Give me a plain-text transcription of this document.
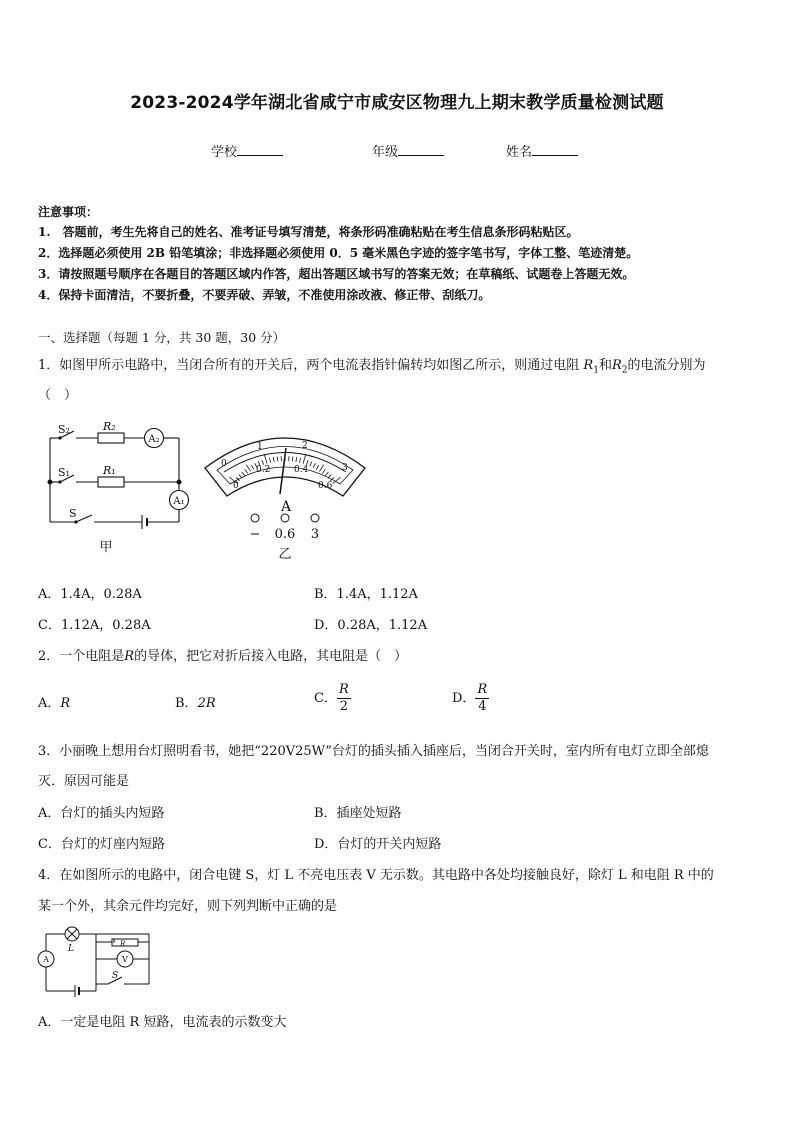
2023-2024学年湖北省咸宁市咸安区物理九上期末教学质量检测试题
学校	年级	姓名
注意事项：
1.　答题前，考生先将自己的姓名、准考证号填写清楚，将条形码准确粘贴在考生信息条形码粘贴区。
2．选择题必须使用 2B 铅笔填涂；非选择题必须使用 0．5 毫米黑色字迹的签字笔书写，字体工整、笔迹清楚。
3．请按照题号顺序在各题目的答题区域内作答，超出答题区域书写的答案无效；在草稿纸、试题卷上答题无效。
4．保持卡面清洁，不要折叠，不要弄破、弄皱，不准使用涂改液、修正带、刮纸刀。
一、选择题（每题 1 分，共 30 题，30 分）
1．如图甲所示电路中，当闭合所有的开关后，两个电流表指针偏转均如图乙所示，则通过电阻 $R_1$和$R_2$的电流分别为
（　）
S₂
S₁
S
R₂
R₁
A₂
A₁
甲
0
1	2
3
0
0.2	0.4
0.6
A
− 0.6 3
乙
A．1.4A，0.28A	B．1.4A，1.12A
C．1.12A，0.28A	D．0.28A，1.12A
2．一个电阻是R的导体，把它对折后接入电路，其电阻是（　）
A．R	B．2R	C． $\frac{R}{2}$	D． $\frac{R}{4}$
3．小丽晚上想用台灯照明看书，她把“220V25W”台灯的插头插入插座后，当闭合开关时，室内所有电灯立即全部熄
灭．原因可能是
A．台灯的插头内短路	B．插座处短路
C．台灯的灯座内短路	D．台灯的开关内短路
4．在如图所示的电路中，闭合电键 S，灯 L 不亮电压表 V 无示数。其电路中各处均接触良好，除灯 L 和电阻 R 中的
某一个外，其余元件均完好，则下列判断中正确的是
L	R
V
A
S
A．一定是电阻 R 短路，电流表的示数变大
